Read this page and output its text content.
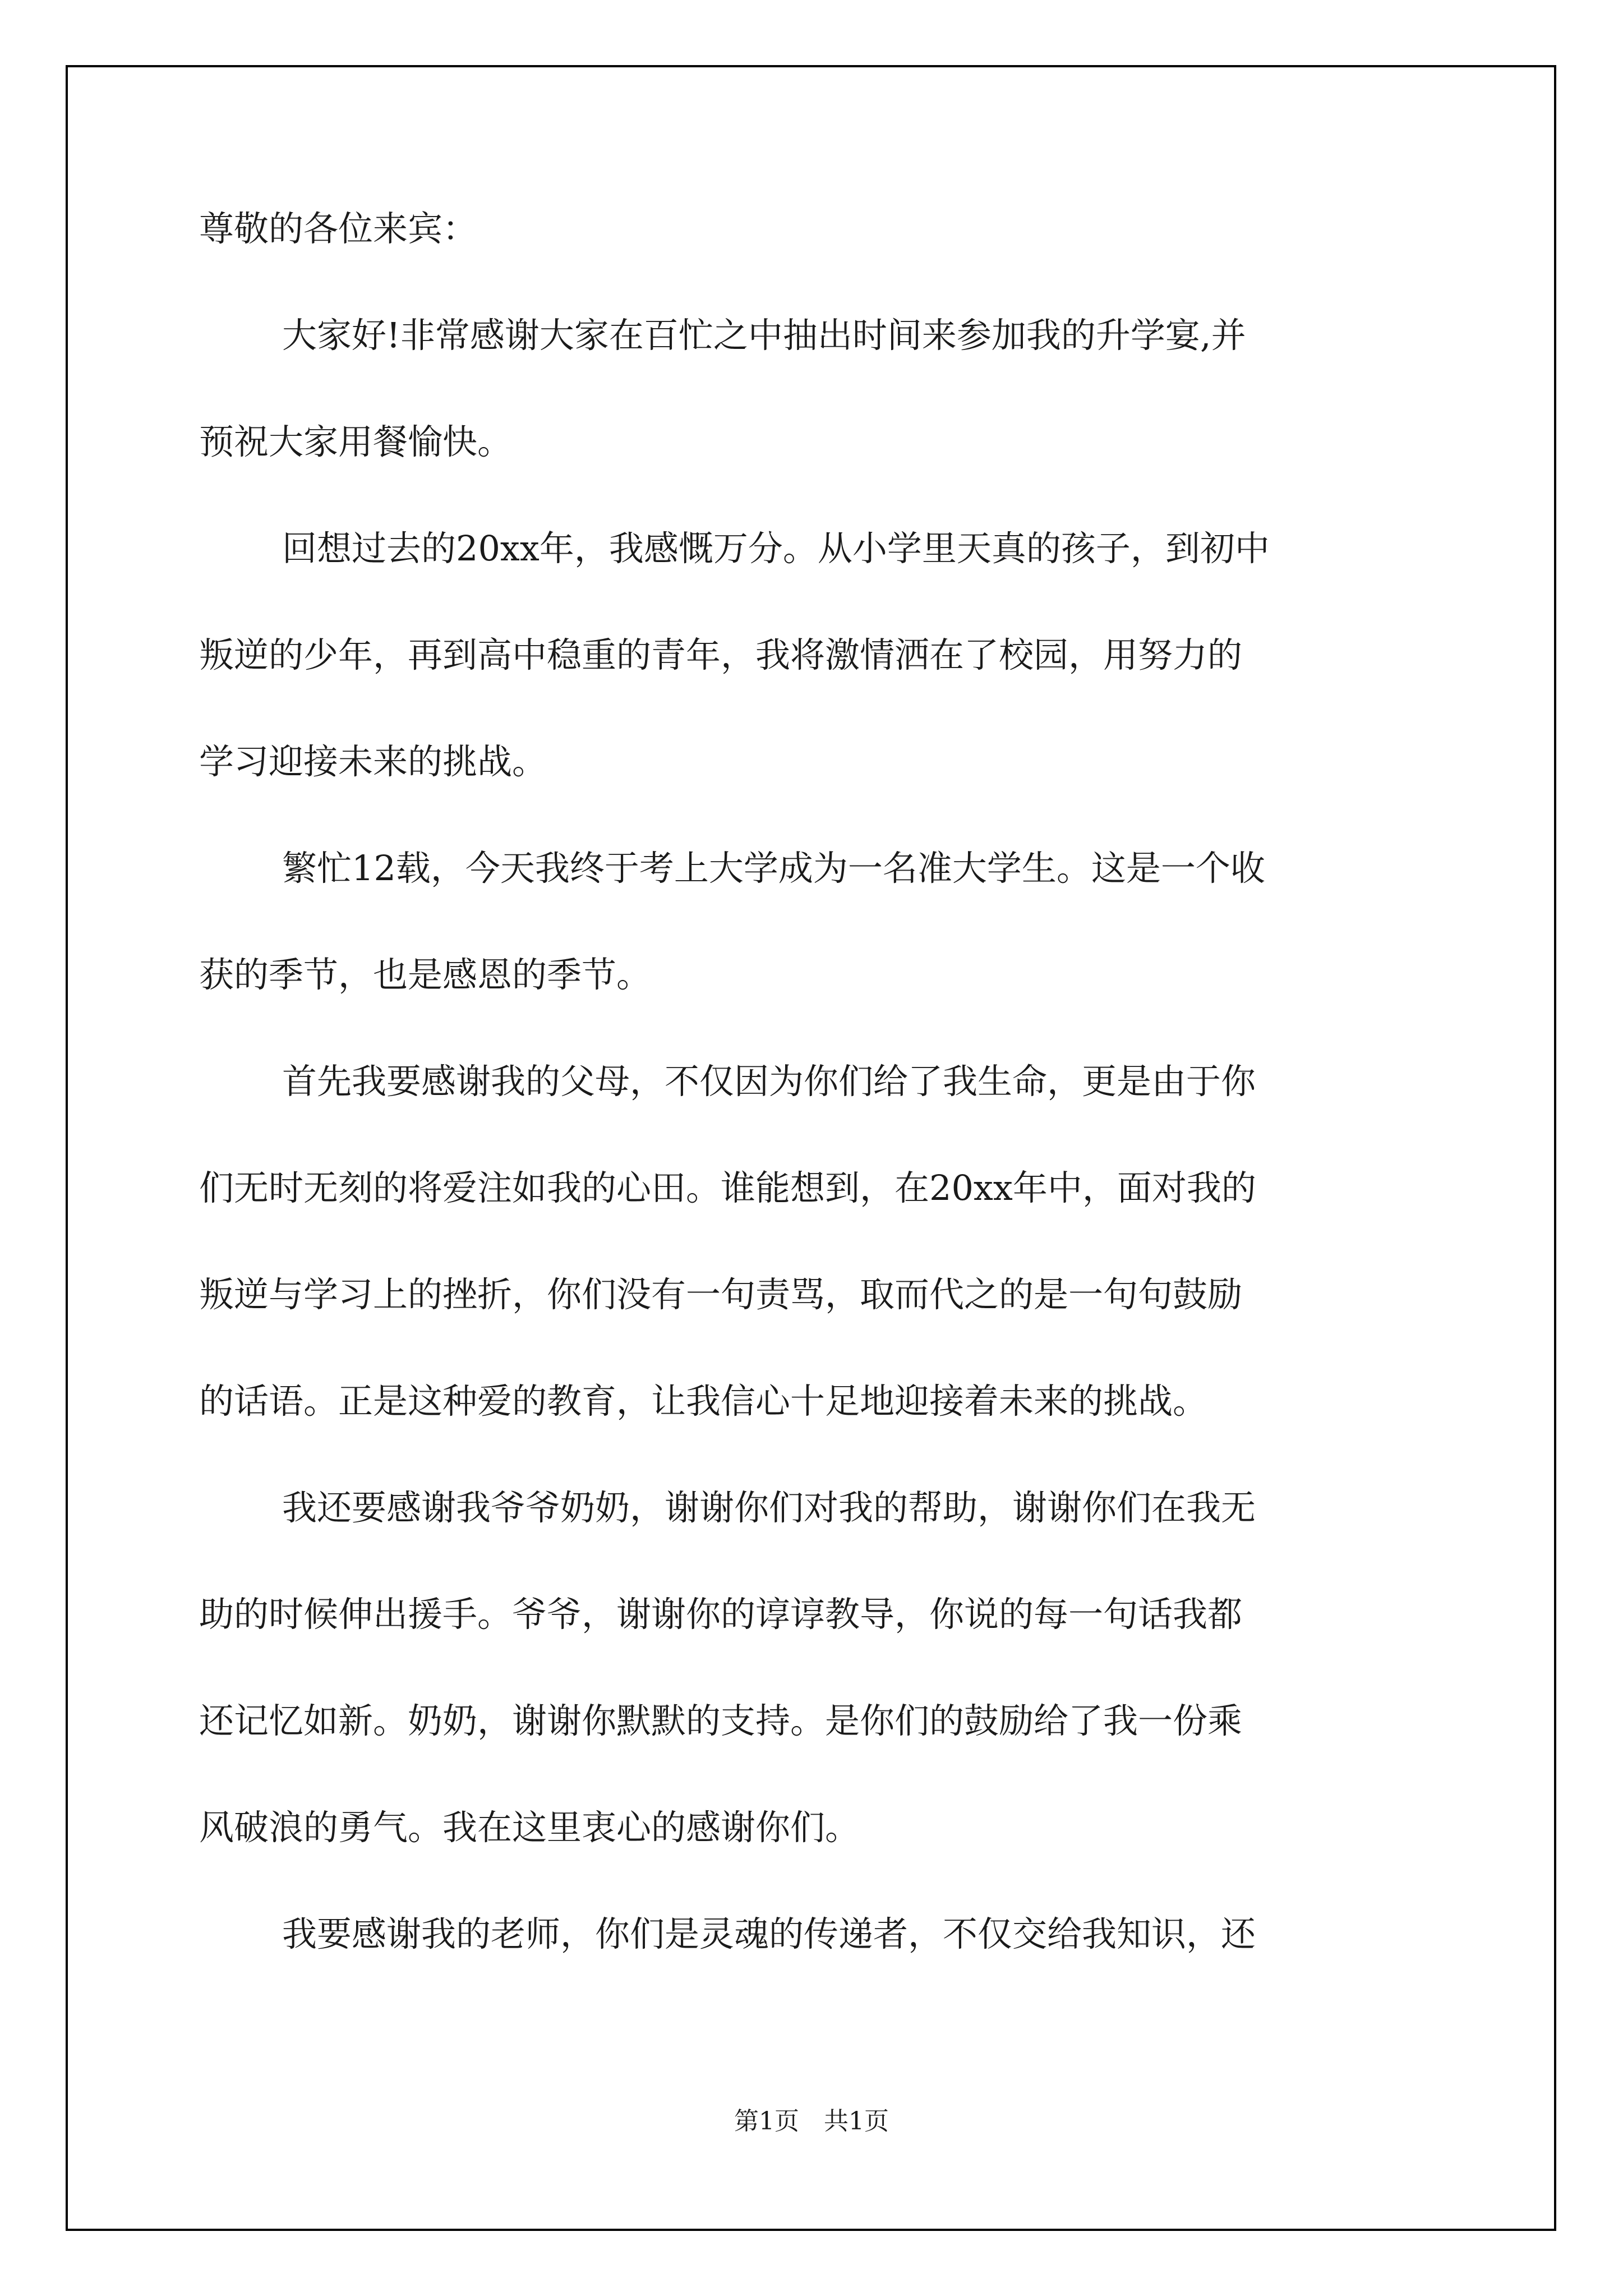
尊敬的各位来宾：
大家好!非常感谢大家在百忙之中抽出时间来参加我的升学宴,并
预祝大家用餐愉快。
回想过去的20xx年，我感慨万分。从小学里天真的孩子，到初中
叛逆的少年，再到高中稳重的青年，我将激情洒在了校园，用努力的
学习迎接未来的挑战。
繁忙12载，今天我终于考上大学成为一名准大学生。这是一个收
获的季节，也是感恩的季节。
首先我要感谢我的父母，不仅因为你们给了我生命，更是由于你
们无时无刻的将爱注如我的心田。谁能想到，在20xx年中，面对我的
叛逆与学习上的挫折，你们没有一句责骂，取而代之的是一句句鼓励
的话语。正是这种爱的教育，让我信心十足地迎接着未来的挑战。
我还要感谢我爷爷奶奶，谢谢你们对我的帮助，谢谢你们在我无
助的时候伸出援手。爷爷，谢谢你的谆谆教导，你说的每一句话我都
还记忆如新。奶奶，谢谢你默默的支持。是你们的鼓励给了我一份乘
风破浪的勇气。我在这里衷心的感谢你们。
我要感谢我的老师，你们是灵魂的传递者，不仅交给我知识，还
第1页 共1页
